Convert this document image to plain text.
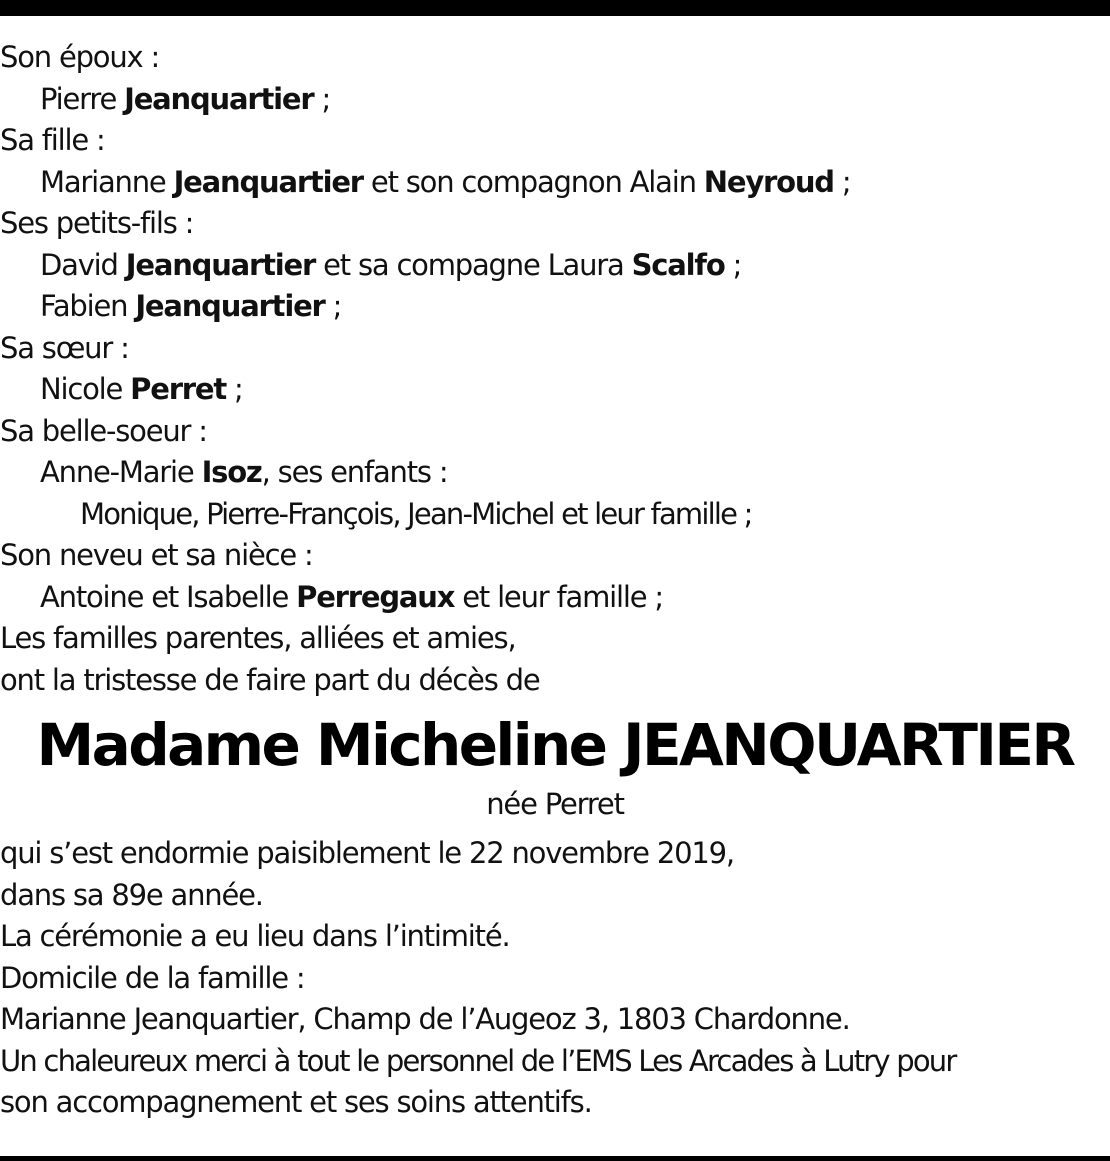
Son époux :
Pierre Jeanquartier ;
Sa fille :
Marianne Jeanquartier et son compagnon Alain Neyroud ;
Ses petits-fils :
David Jeanquartier et sa compagne Laura Scalfo ;
Fabien Jeanquartier ;
Sa sœur :
Nicole Perret ;
Sa belle-soeur :
Anne-Marie Isoz, ses enfants :
Monique, Pierre-François, Jean-Michel et leur famille ;
Son neveu et sa nièce :
Antoine et Isabelle Perregaux et leur famille ;
Les familles parentes, alliées et amies,
ont la tristesse de faire part du décès de
Madame Micheline JEANQUARTIER
née Perret
qui s’est endormie paisiblement le 22 novembre 2019,
dans sa 89e année.
La cérémonie a eu lieu dans l’intimité.
Domicile de la famille :
Marianne Jeanquartier, Champ de l’Augeoz 3, 1803 Chardonne.
Un chaleureux merci à tout le personnel de l’EMS Les Arcades à Lutry pour
son accompagnement et ses soins attentifs.
